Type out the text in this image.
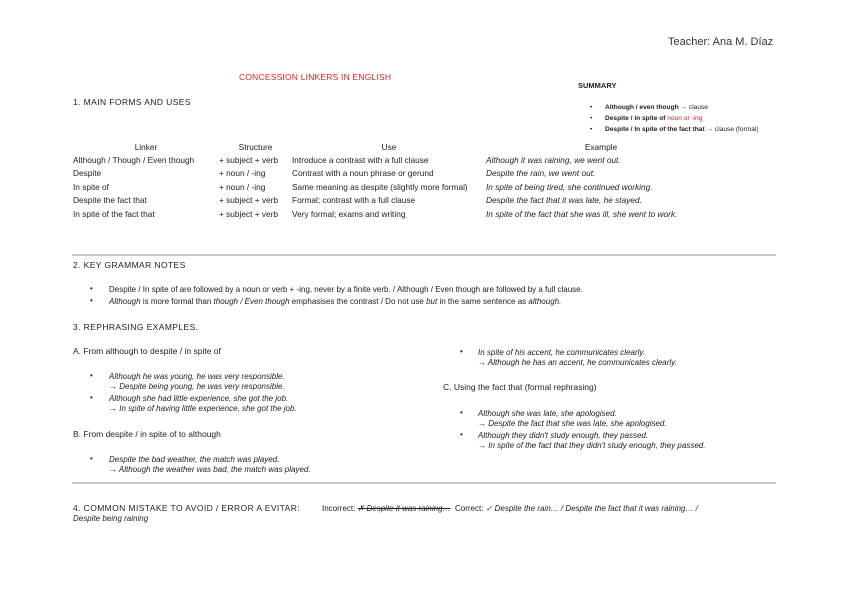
Teacher: Ana M. Díaz
CONCESSION LINKERS IN ENGLISH
1. MAIN FORMS AND USES
SUMMARY
• Although / even though → clause
• Despite / in spite of noun or -ing
• Despite / In spite of the fact that → clause (formal)
Linker	Structure	Use	Example
Although / Though / Even though	+ subject + verb	Introduce a contrast with a full clause	Although it was raining, we went out.
Despite	+ noun / -ing	Contrast with a noun phrase or gerund	Despite the rain, we went out.
In spite of	+ noun / -ing	Same meaning as despite (slightly more formal)	In spite of being tired, she continued working.
Despite the fact that	+ subject + verb	Formal; contrast with a full clause	Despite the fact that it was late, he stayed.
In spite of the fact that	+ subject + verb	Very formal; exams and writing	In spite of the fact that she was ill, she went to work.
2. KEY GRAMMAR NOTES
• Despite / In spite of are followed by a noun or verb + -ing, never by a finite verb. / Although / Even though are followed by a full clause.
• Although is more formal than though / Even though emphasises the contrast / Do not use but in the same sentence as although.
3. REPHRASING EXAMPLES.
A. From although to despite / in spite of
• Although he was young, he was very responsible.
→ Despite being young, he was very responsible.
• Although she had little experience, she got the job.
→ In spite of having little experience, she got the job.
B. From despite / in spite of to although
• Despite the bad weather, the match was played.
→ Although the weather was bad, the match was played.
• In spite of his accent, he communicates clearly.
→ Although he has an accent, he communicates clearly.
C. Using the fact that (formal rephrasing)
• Although she was late, she apologised.
→ Despite the fact that she was late, she apologised.
• Although they didn't study enough, they passed.
→ In spite of the fact that they didn't study enough, they passed.
4. COMMON MISTAKE TO AVOID / ERROR A EVITAR:	Incorrect: ✗ Despite it was raining… Correct: ✓ Despite the rain… / Despite the fact that it was raining… /
Despite being raining
